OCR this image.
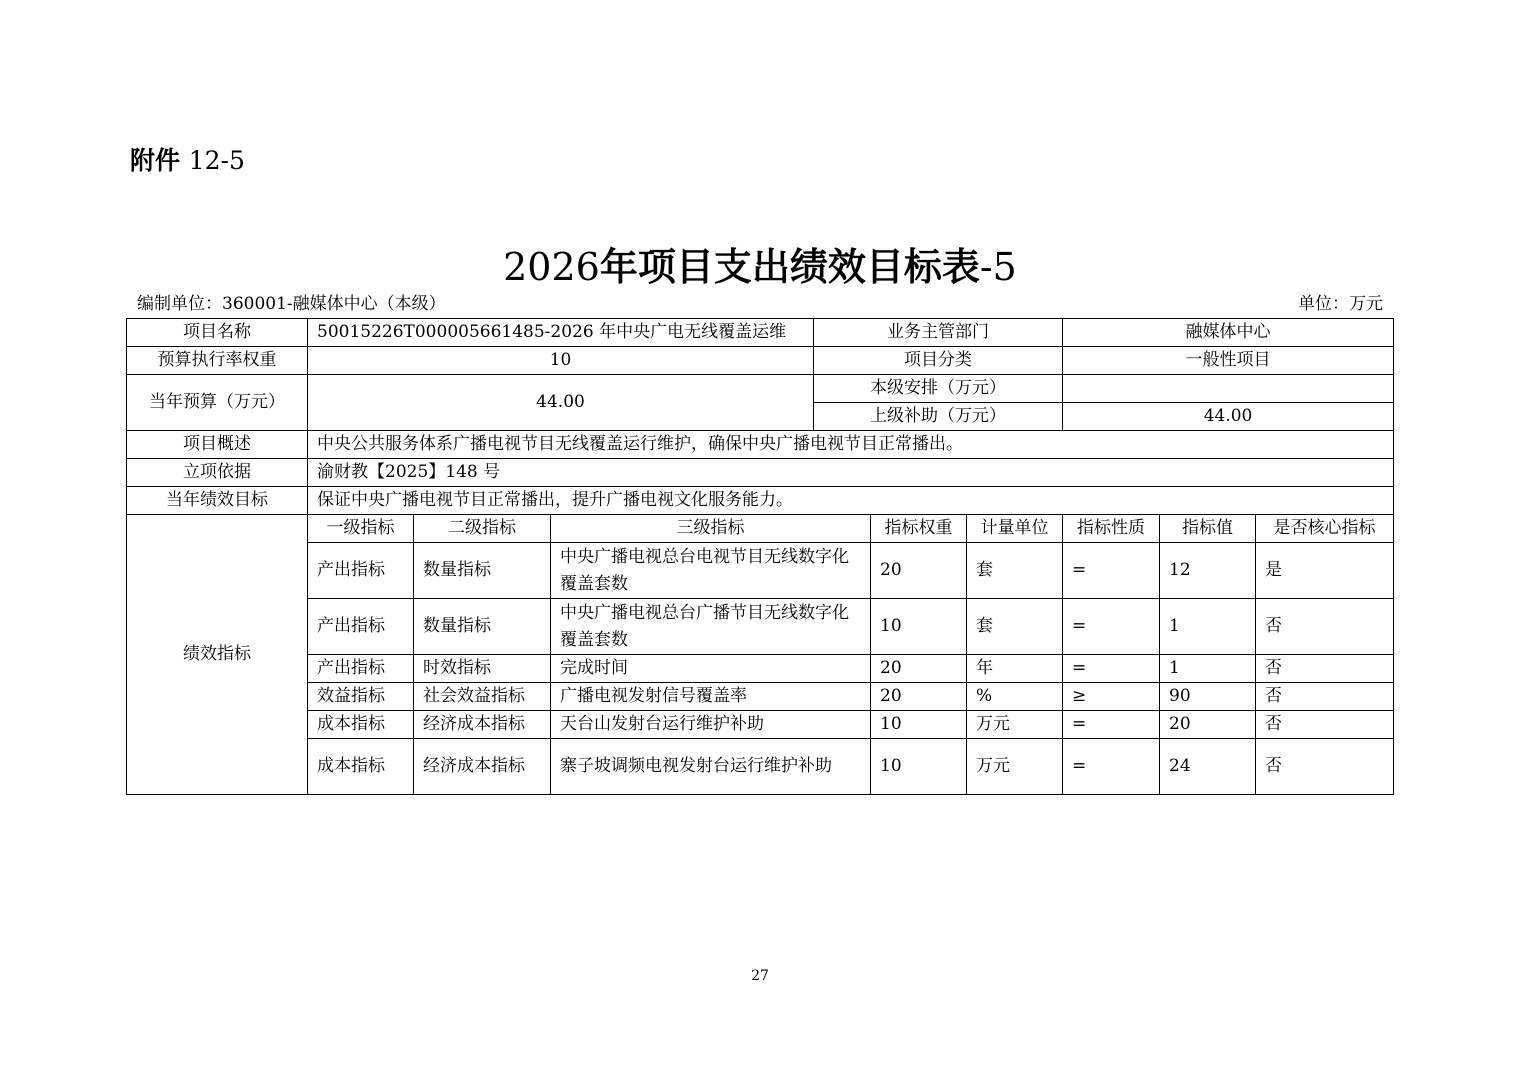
附件 12-5
2026年项目支出绩效目标表-5
编制单位：360001-融媒体中心（本级）	单位：万元
项目名称	50015226T000005661485-2026 年中央广电无线覆盖运维			业务主管部门			融媒体中心		
预算执行率权重	10			项目分类			一般性项目		
当年预算（万元）	44.00			本级安排（万元）					
				上级补助（万元）			44.00		
项目概述	中央公共服务体系广播电视节目无线覆盖运行维护，确保中央广播电视节目正常播出。								
立项依据	渝财教【2025】148 号								
当年绩效目标	保证中央广播电视节目正常播出，提升广播电视文化服务能力。								
绩效指标	一级指标	二级指标	三级指标		指标权重	计量单位	指标性质	指标值	是否核心指标
	产出指标	数量指标	中央广播电视总台电视节目无线数字化覆盖套数		20	套	=	12	是
	产出指标	数量指标	中央广播电视总台广播节目无线数字化覆盖套数		10	套	=	1	否
	产出指标	时效指标	完成时间		20	年	=	1	否
	效益指标	社会效益指标	广播电视发射信号覆盖率		20	%	≥	90	否
	成本指标	经济成本指标	天台山发射台运行维护补助		10	万元	=	20	否
	成本指标	经济成本指标	寨子坡调频电视发射台运行维护补助		10	万元	=	24	否
27
